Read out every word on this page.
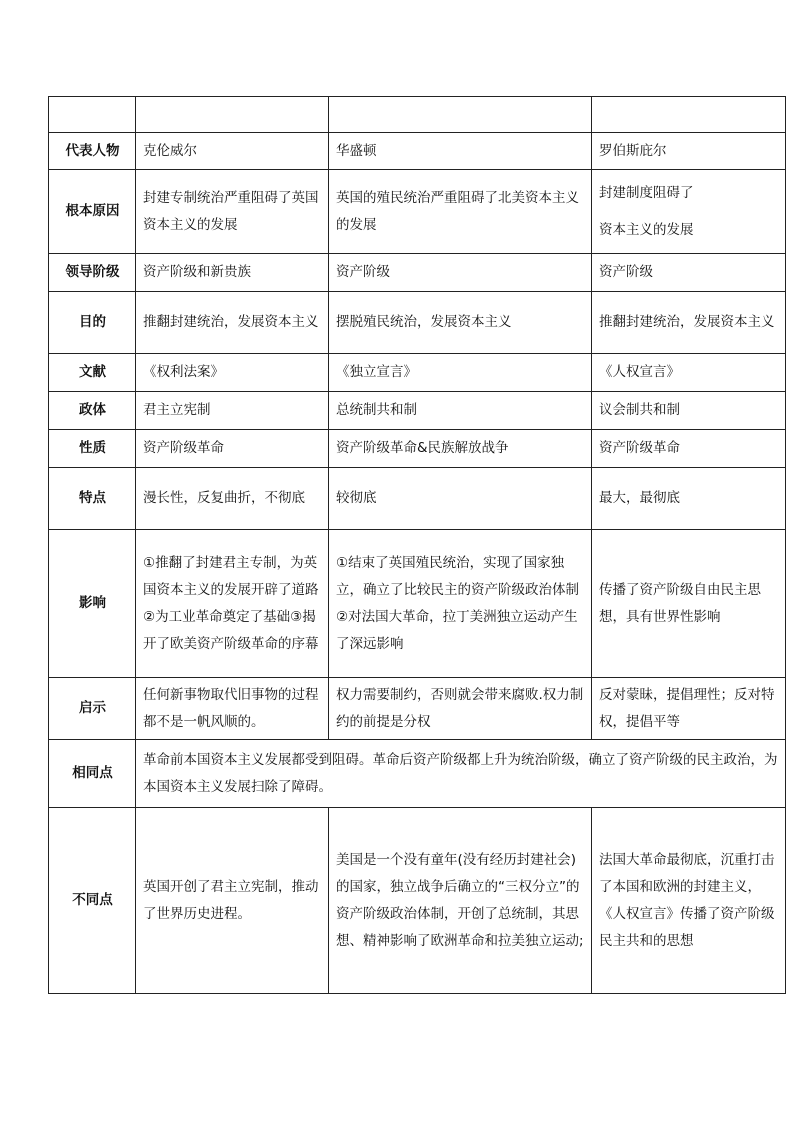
代表人物	克伦威尔	华盛顿	罗伯斯庇尔
根本原因	封建专制统治严重阻碍了英国资本主义的发展	英国的殖民统治严重阻碍了北美资本主义的发展	封建制度阻碍了
资本主义的发展
领导阶级	资产阶级和新贵族	资产阶级	资产阶级
目的	推翻封建统治，发展资本主义	摆脱殖民统治，发展资本主义	推翻封建统治，发展资本主义
文献	《权利法案》	《独立宣言》	《人权宣言》
政体	君主立宪制	总统制共和制	议会制共和制
性质	资产阶级革命	资产阶级革命&民族解放战争	资产阶级革命
特点	漫长性，反复曲折，不彻底	较彻底	最大，最彻底
影响	①推翻了封建君主专制，为英国资本主义的发展开辟了道路②为工业革命奠定了基础③揭开了欧美资产阶级革命的序幕	①结束了英国殖民统治，实现了国家独立，确立了比较民主的资产阶级政治体制②对法国大革命，拉丁美洲独立运动产生了深远影响	传播了资产阶级自由民主思想，具有世界性影响
启示	任何新事物取代旧事物的过程都不是一帆风顺的。	权力需要制约，否则就会带来腐败.权力制约的前提是分权	反对蒙昧，提倡理性；反对特权，提倡平等
相同点	革命前本国资本主义发展都受到阻碍。革命后资产阶级都上升为统治阶级，确立了资产阶级的民主政治，为本国资本主义发展扫除了障碍。		
不同点	英国开创了君主立宪制，推动了世界历史进程。	美国是一个没有童年(没有经历封建社会)的国家，独立战争后确立的“三权分立”的资产阶级政治体制，开创了总统制，其思想、精神影响了欧洲革命和拉美独立运动;	法国大革命最彻底，沉重打击了本国和欧洲的封建主义，《人权宣言》传播了资产阶级民主共和的思想
